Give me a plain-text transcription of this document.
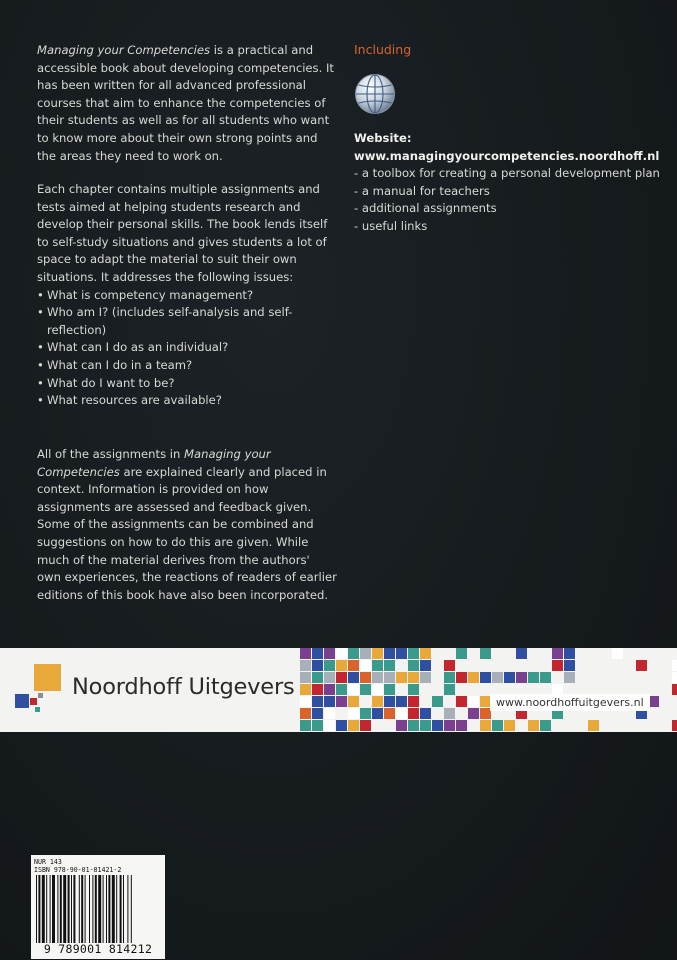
Managing your Competencies is a practical and accessible book about developing competencies. It has been written for all advanced professional courses that aim to enhance the competencies of their students as well as for all students who want to know more about their own strong points and the areas they need to work on.

Each chapter contains multiple assignments and tests aimed at helping students research and develop their personal skills. The book lends itself to self-study situations and gives students a lot of space to adapt the material to suit their own situations. It addresses the following issues:

• What is competency management?
• Who am I? (includes self-analysis and self-reflection)
• What can I do as an individual?
• What can I do in a team?
• What do I want to be?
• What resources are available?

All of the assignments in Managing your Competencies are explained clearly and placed in context. Information is provided on how assignments are assessed and feedback given. Some of the assignments can be combined and suggestions on how to do this are given. While much of the material derives from the authors' own experiences, the reactions of readers of earlier editions of this book have also been incorporated.

Including
Website:
www.managingyourcompetencies.noordhoff.nl
- a toolbox for creating a personal development plan
- a manual for teachers
- additional assignments
- useful links
Noordhoff Uitgevers
www.noordhoffuitgevers.nl
NUR 143
ISBN 978-90-01-81421-2
9 789001 814212
